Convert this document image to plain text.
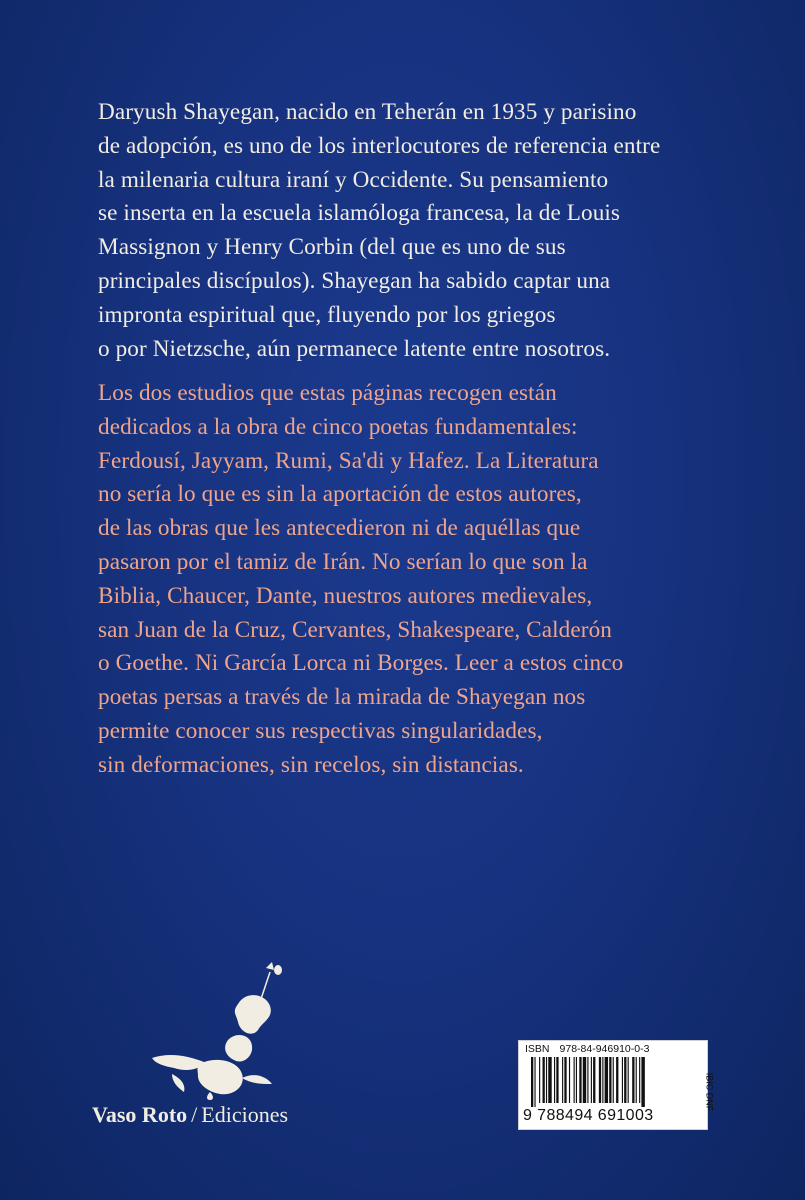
Daryush Shayegan, nacido en Teherán en 1935 y parisino
de adopción, es uno de los interlocutores de referencia entre
la milenaria cultura iraní y Occidente. Su pensamiento
se inserta en la escuela islamóloga francesa, la de Louis
Massignon y Henry Corbin (del que es uno de sus
principales discípulos). Shayegan ha sabido captar una
impronta espiritual que, fluyendo por los griegos
o por Nietzsche, aún permanece latente entre nosotros.

Los dos estudios que estas páginas recogen están
dedicados a la obra de cinco poetas fundamentales:
Ferdousí, Jayyam, Rumi, Sa'di y Hafez. La Literatura
no sería lo que es sin la aportación de estos autores,
de las obras que les antecedieron ni de aquéllas que
pasaron por el tamiz de Irán. No serían lo que son la
Biblia, Chaucer, Dante, nuestros autores medievales,
san Juan de la Cruz, Cervantes, Shakespeare, Calderón
o Goethe. Ni García Lorca ni Borges. Leer a estos cinco
poetas persas a través de la mirada de Shayegan nos
permite conocer sus respectivas singularidades,
sin deformaciones, sin recelos, sin distancias.

Vaso Roto / Ediciones
ISBN 978-84-946910-0-3
9 788494 691003
IBIC DNF
